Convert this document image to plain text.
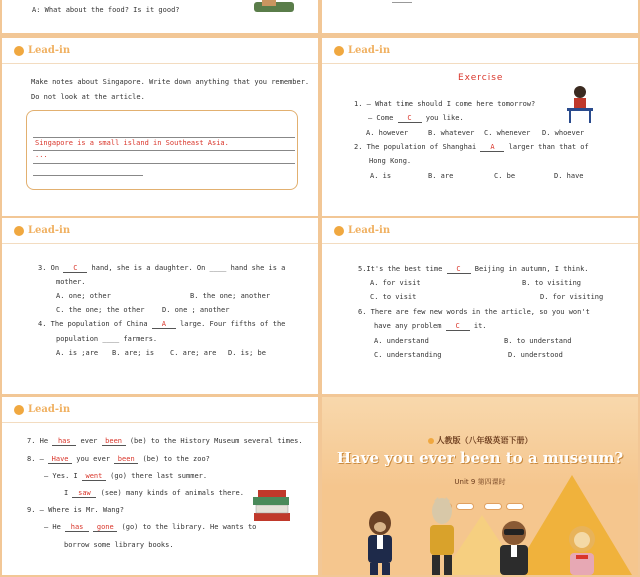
A: What about the food? Is it good?
Lead-in
Make notes about Singapore. Write down anything that you remember.
Do not look at the article.
Singapore is a small island in Southeast Asia.
...
Lead-in
Exercise
1. — What time should I come here tomorrow?
— Come C you like.
A. however	B. whatever C. whenever D. whoever
2. The population of Shanghai A larger than that of
Hong Kong.
A. is	B. are	C. be	D. have
Lead-in
3. On C hand, she is a daughter. On ____ hand she is a
mother.
A. one; other	B. the one; another
C. the one; the other D. one ; another
4. The population of China A large. Four fifths of the
population ____ farmers.
A. is ;are B. are; is C. are; are D. is; be
Lead-in
5.It's the best time C Beijing in autumn, I think.
A. for visit	B. to visiting
C. to visit	D. for visiting
6. There are few new words in the article, so you won't
have any problem C it.
A. understand	B. to understand
C. understanding	D. understood
Lead-in
7. He has ever been (be) to the History Museum several times.
8. — Have you ever been (be) to the zoo?
— Yes. I went (go) there last summer.
I saw (see) many kinds of animals there.
9. — Where is Mr. Wang?
— He has gone (go) to the library. He wants to
borrow some library books.
人教版（八年级英语下册）
Have you ever been to a museum?
Unit 9 第四课时
